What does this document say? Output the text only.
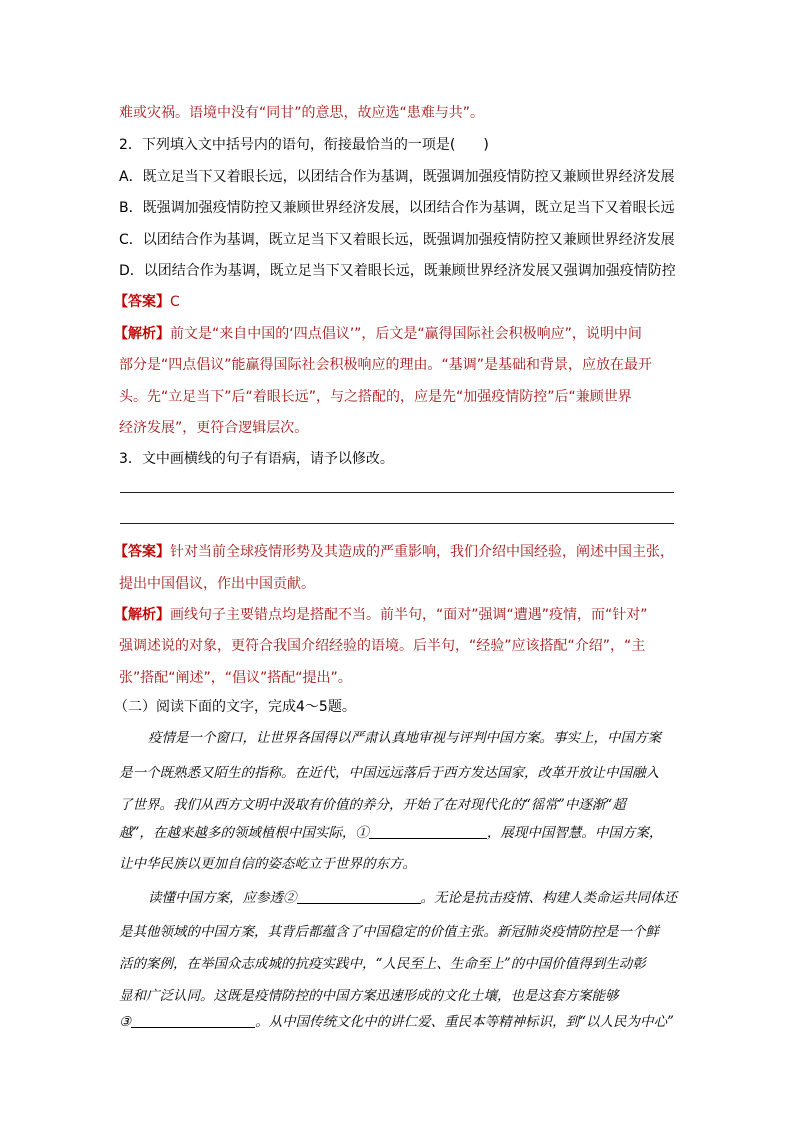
难或灾祸。语境中没有“同甘”的意思，故应选“患难与共”。
2．下列填入文中括号内的语句，衔接最恰当的一项是(　　)
A．既立足当下又着眼长远，以团结合作为基调，既强调加强疫情防控又兼顾世界经济发展
B．既强调加强疫情防控又兼顾世界经济发展，以团结合作为基调，既立足当下又着眼长远
C．以团结合作为基调，既立足当下又着眼长远，既强调加强疫情防控又兼顾世界经济发展
D．以团结合作为基调，既立足当下又着眼长远，既兼顾世界经济发展又强调加强疫情防控
【答案】C
【解析】前文是“来自中国的‘四点倡议’”，后文是“赢得国际社会积极响应”，说明中间
部分是“四点倡议”能赢得国际社会积极响应的理由。“基调”是基础和背景，应放在最开
头。先“立足当下”后“着眼长远”，与之搭配的，应是先“加强疫情防控”后“兼顾世界
经济发展”，更符合逻辑层次。
3．文中画横线的句子有语病，请予以修改。
【答案】针对当前全球疫情形势及其造成的严重影响，我们介绍中国经验，阐述中国主张，
提出中国倡议，作出中国贡献。
【解析】画线句子主要错点均是搭配不当。前半句，“面对”强调“遭遇”疫情，而“针对”
强调述说的对象，更符合我国介绍经验的语境。后半句，“经验”应该搭配“介绍”，“主
张”搭配“阐述”，“倡议”搭配“提出”。
（二）阅读下面的文字，完成4～5题。
疫情是一个窗口，让世界各国得以严肃认真地审视与评判中国方案。事实上，中国方案
是一个既熟悉又陌生的指称。在近代，中国远远落后于西方发达国家，改革开放让中国融入
了世界。我们从西方文明中汲取有价值的养分，开始了在对现代化的“徭常”中逐渐“超
越”，在越来越多的领域植根中国实际，①	，展现中国智慧。中国方案，
让中华民族以更加自信的姿态屹立于世界的东方。
读懂中国方案，应参透②	。无论是抗击疫情、构建人类命运共同体还
是其他领域的中国方案，其背后都蕴含了中国稳定的价值主张。新冠肺炎疫情防控是一个鲜
活的案例，在举国众志成城的抗疫实践中，“人民至上、生命至上”的中国价值得到生动彰
显和广泛认同。这既是疫情防控的中国方案迅速形成的文化土壤，也是这套方案能够
③	。从中国传统文化中的讲仁爱、重民本等精神标识，到“以人民为中心”
